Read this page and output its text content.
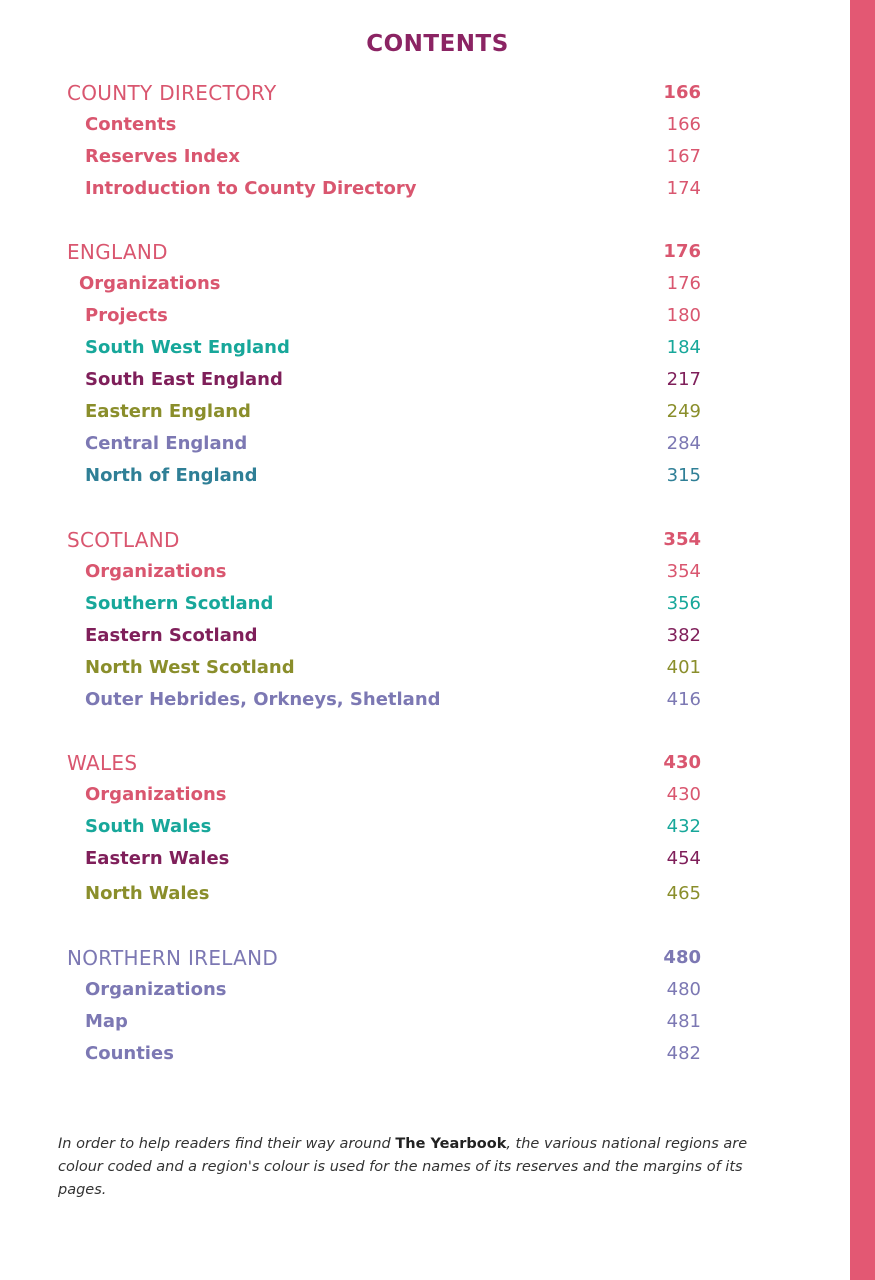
CONTENTS
COUNTY DIRECTORY	166
Contents	166
Reserves Index	167
Introduction to County Directory	174
ENGLAND	176
Organizations	176
Projects	180
South West England	184
South East England	217
Eastern England	249
Central England	284
North of England	315
SCOTLAND	354
Organizations	354
Southern Scotland	356
Eastern Scotland	382
North West Scotland	401
Outer Hebrides, Orkneys, Shetland	416
WALES	430
Organizations	430
South Wales	432
Eastern Wales	454
North Wales	465
NORTHERN IRELAND	480
Organizations	480
Map	481
Counties	482

In order to help readers find their way around The Yearbook, the various national regions are colour coded and a region's colour is used for the names of its reserves and the margins of its pages.
